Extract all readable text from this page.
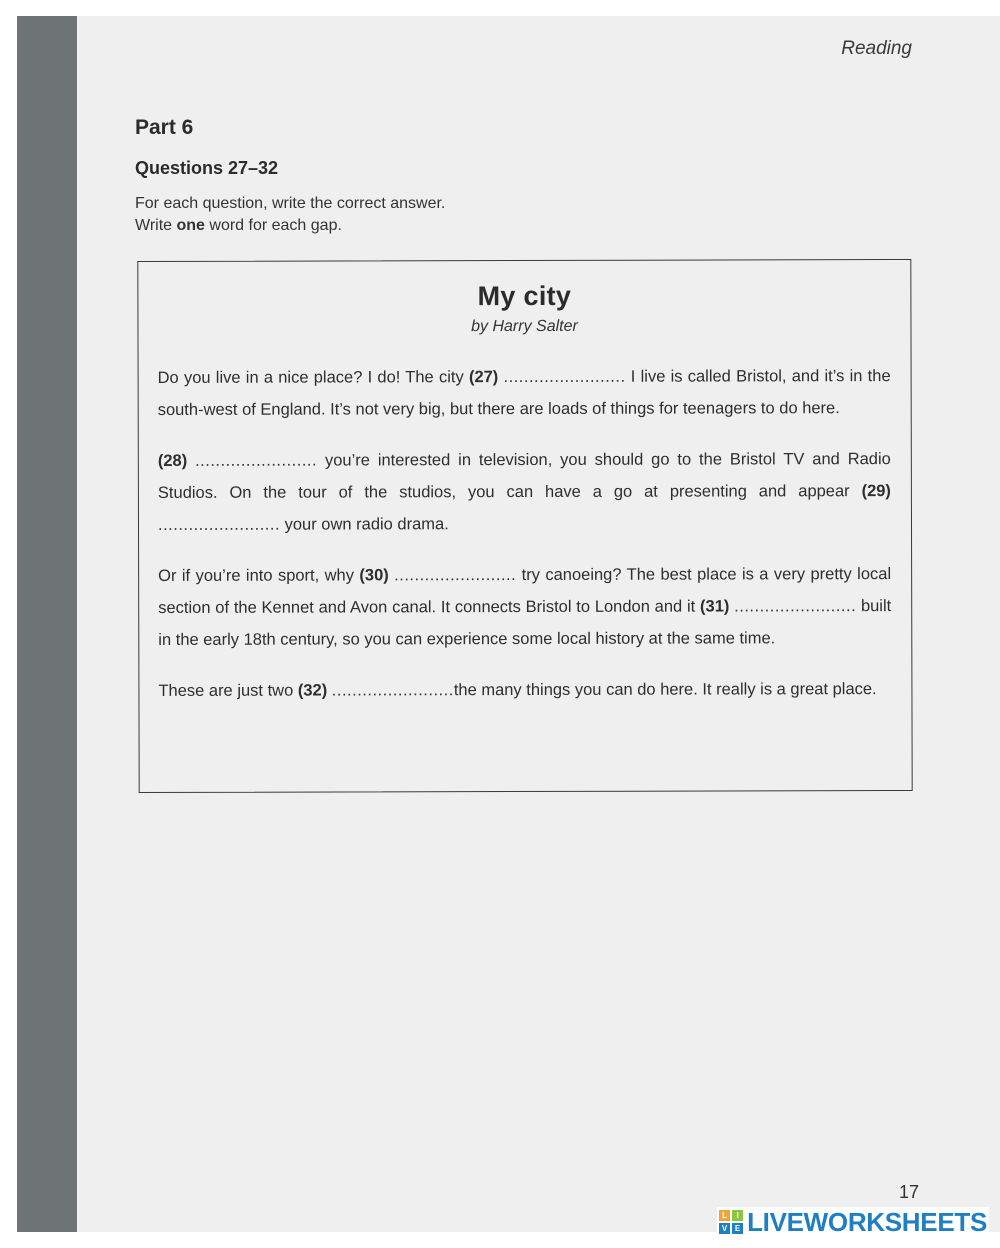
Reading
Part 6
Questions 27–32
For each question, write the correct answer.
Write one word for each gap.
My city
by Harry Salter

Do you live in a nice place? I do! The city (27) ........................ I live is called Bristol, and it’s in the south-west of England. It’s not very big, but there are loads of things for teenagers to do here.

(28) ........................ you’re interested in television, you should go to the Bristol TV and Radio Studios. On the tour of the studios, you can have a go at presenting and appear (29) ........................ your own radio drama.

Or if you’re into sport, why (30) ........................ try canoeing? The best place is a very pretty local section of the Kennet and Avon canal. It connects Bristol to London and it (31) ........................ built in the early 18th century, so you can experience some local history at the same time.

These are just two (32) ........................the many things you can do here. It really is a great place.

17
L	I
V E LIVEWORKSHEETS
